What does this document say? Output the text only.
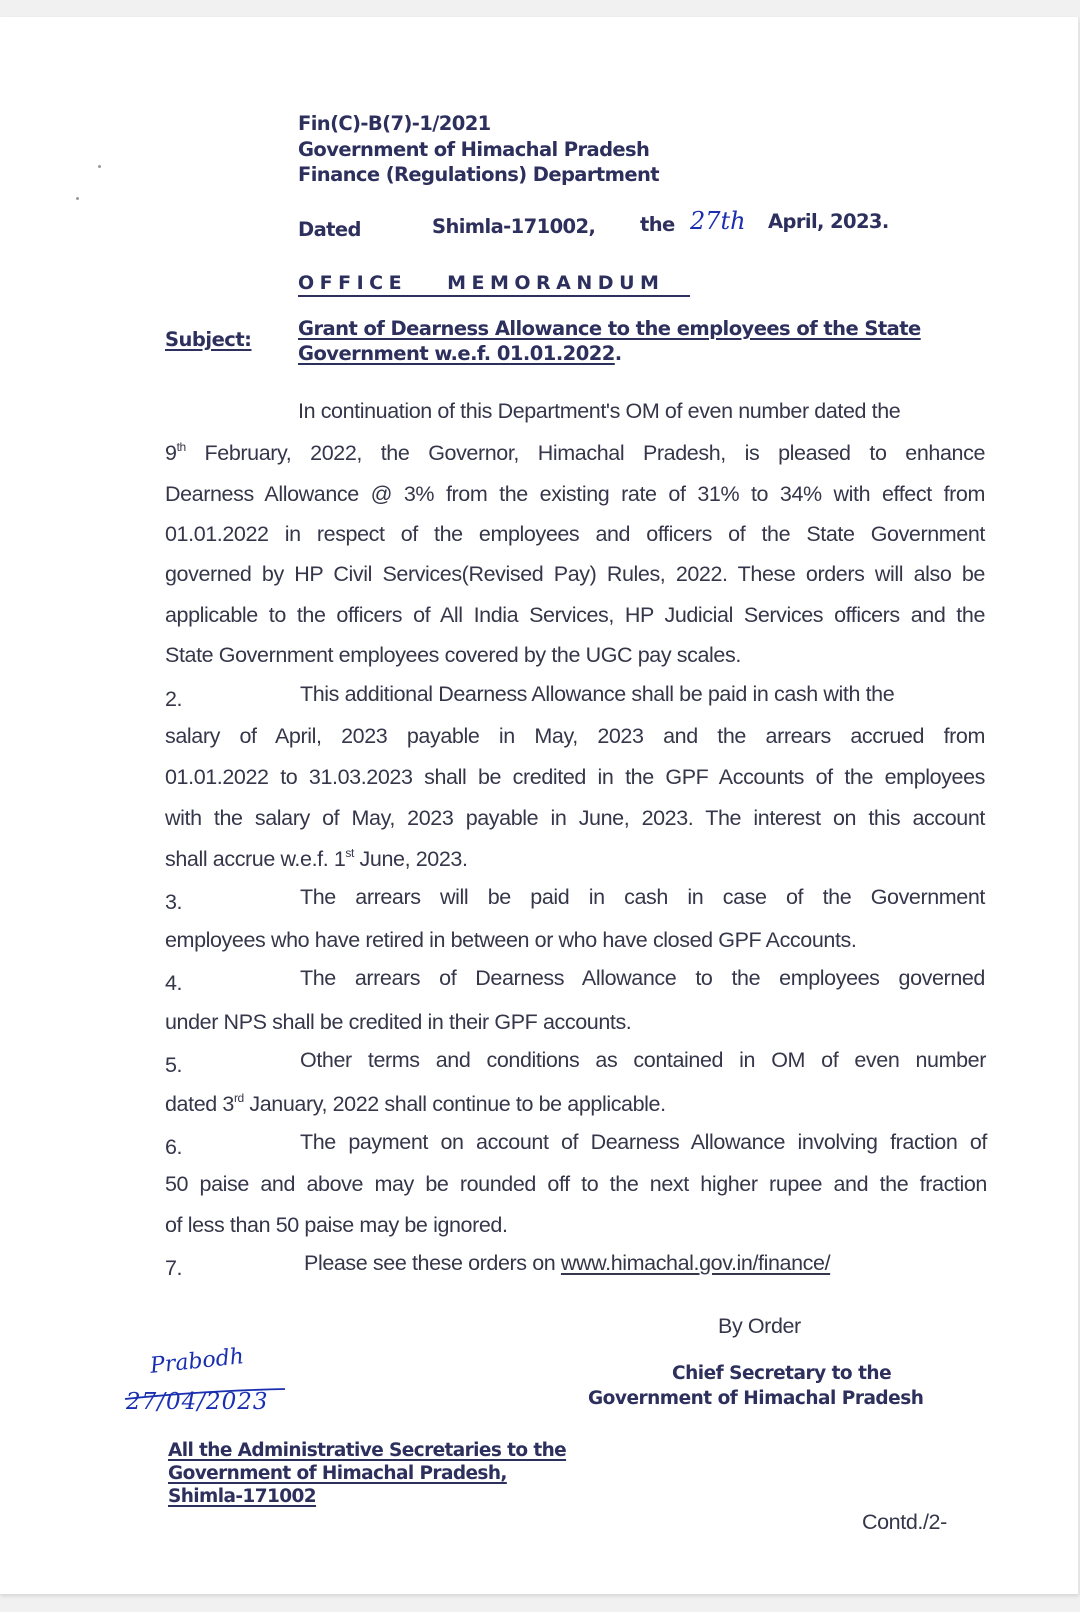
Fin(C)-B(7)-1/2021
Government of Himachal Pradesh
Finance (Regulations) Department
Dated	Shimla-171002, the 27th April, 2023.
OFFICE MEMORANDUM
Subject: Grant of Dearness Allowance to the employees of the State
Government w.e.f. 01.01.2022.
In continuation of this Department's OM of even number dated the
9th February, 2022, the Governor, Himachal Pradesh, is pleased to enhance
Dearness Allowance @ 3% from the existing rate of 31% to 34% with effect from
01.01.2022 in respect of the employees and officers of the State Government
governed by HP Civil Services(Revised Pay) Rules, 2022. These orders will also be
applicable to the officers of All India Services, HP Judicial Services officers and the
State Government employees covered by the UGC pay scales.
2.	This additional Dearness Allowance shall be paid in cash with the
salary of April, 2023 payable in May, 2023 and the arrears accrued from
01.01.2022 to 31.03.2023 shall be credited in the GPF Accounts of the employees
with the salary of May, 2023 payable in June, 2023. The interest on this account
shall accrue w.e.f. 1st June, 2023.
3.	The arrears will be paid in cash in case of the Government
employees who have retired in between or who have closed GPF Accounts.
4.	The arrears of Dearness Allowance to the employees governed
under NPS shall be credited in their GPF accounts.
5.	Other terms and conditions as contained in OM of even number
dated 3rd January, 2022 shall continue to be applicable.
6.	The payment on account of Dearness Allowance involving fraction of
50 paise and above may be rounded off to the next higher rupee and the fraction
of less than 50 paise may be ignored.
7.	Please see these orders on www.himachal.gov.in/finance/
By Order
Chief Secretary to the
Government of Himachal Pradesh
Prabodh
27/04/2023
All the Administrative Secretaries to the
Government of Himachal Pradesh,
Shimla-171002
Contd./2-
